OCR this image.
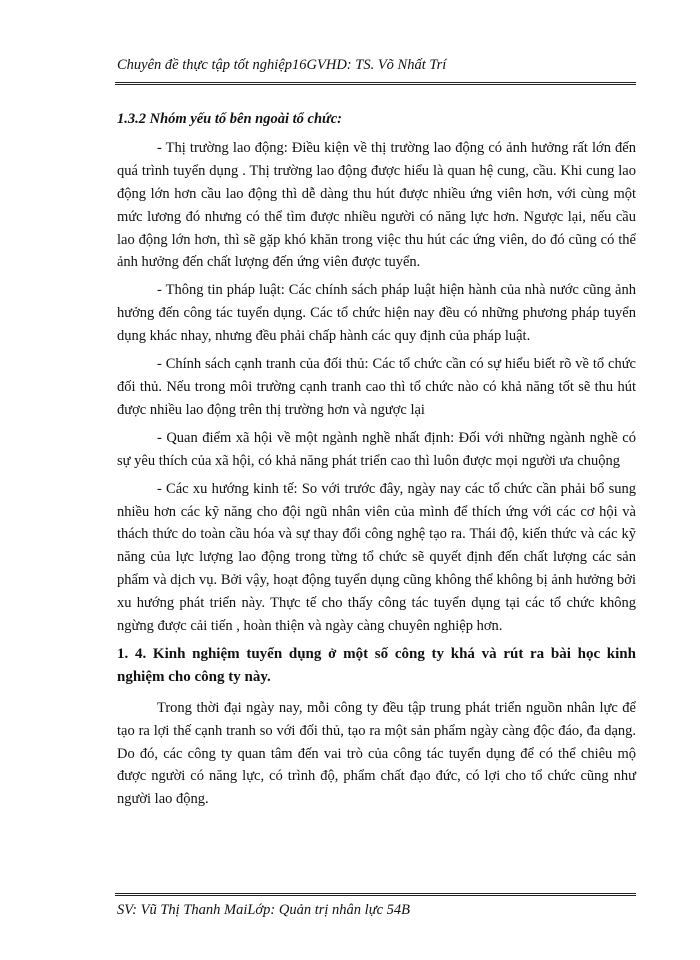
Chuyên đề thực tập tốt nghiệp16GVHD: TS. Võ Nhất Trí

1.3.2 Nhóm yếu tố bên ngoài tổ chức:

- Thị trường lao động: Điều kiện về thị trường lao động có ảnh hưởng rất lớn đến quá trình tuyển dụng . Thị trường lao động được hiểu là quan hệ cung, cầu. Khi cung lao động lớn hơn cầu lao động thì dễ dàng thu hút được nhiều ứng viên hơn, với cùng một mức lương đó nhưng có thể tìm được nhiều người có năng lực hơn. Ngược lại, nếu cầu lao động lớn hơn, thì sẽ gặp khó khăn trong việc thu hút các ứng viên, do đó cũng có thể ảnh hưởng đến chất lượng đến ứng viên được tuyển.

- Thông tin pháp luật: Các chính sách pháp luật hiện hành của nhà nước cũng ảnh hưởng đến công tác tuyển dụng. Các tổ chức hiện nay đều có những phương pháp tuyển dụng khác nhay, nhưng đều phải chấp hành các quy định của pháp luật.

- Chính sách cạnh tranh của đối thủ: Các tổ chức cần có sự hiểu biết rõ về tổ chức đối thủ. Nếu trong môi trường cạnh tranh cao thì tổ chức nào có khả năng tốt sẽ thu hút được nhiều lao động trên thị trường hơn và ngược lại

- Quan điểm xã hội về một ngành nghề nhất định: Đối với những ngành nghề có sự yêu thích của xã hội, có khả năng phát triển cao thì luôn được mọi người ưa chuộng

- Các xu hướng kinh tế: So với trước đây, ngày nay các tổ chức cần phải bổ sung nhiều hơn các kỹ năng cho đội ngũ nhân viên của mình để thích ứng với các cơ hội và thách thức do toàn cầu hóa và sự thay đổi công nghệ tạo ra. Thái độ, kiến thức và các kỹ năng của lực lượng lao động trong từng tổ chức sẽ quyết định đến chất lượng các sản phẩm và dịch vụ. Bởi vậy, hoạt động tuyển dụng cũng không thể không bị ảnh hưởng bởi xu hướng phát triển này. Thực tế cho thấy công tác tuyển dụng tại các tổ chức không ngừng được cải tiến , hoàn thiện và ngày càng chuyên nghiệp hơn.

1. 4. Kinh nghiệm tuyển dụng ở một số công ty khá và rút ra bài học kinh nghiệm cho công ty này.

Trong thời đại ngày nay, mỗi công ty đều tập trung phát triển nguồn nhân lực để tạo ra lợi thế cạnh tranh so với đối thủ, tạo ra một sản phẩm ngày càng độc đáo, đa dạng. Do đó, các công ty quan tâm đến vai trò của công tác tuyển dụng để có thể chiêu mộ được người có năng lực, có trình độ, phẩm chất đạo đức, có lợi cho tổ chức cũng như người lao động.

SV: Vũ Thị Thanh MaiLớp: Quản trị nhân lực 54B
